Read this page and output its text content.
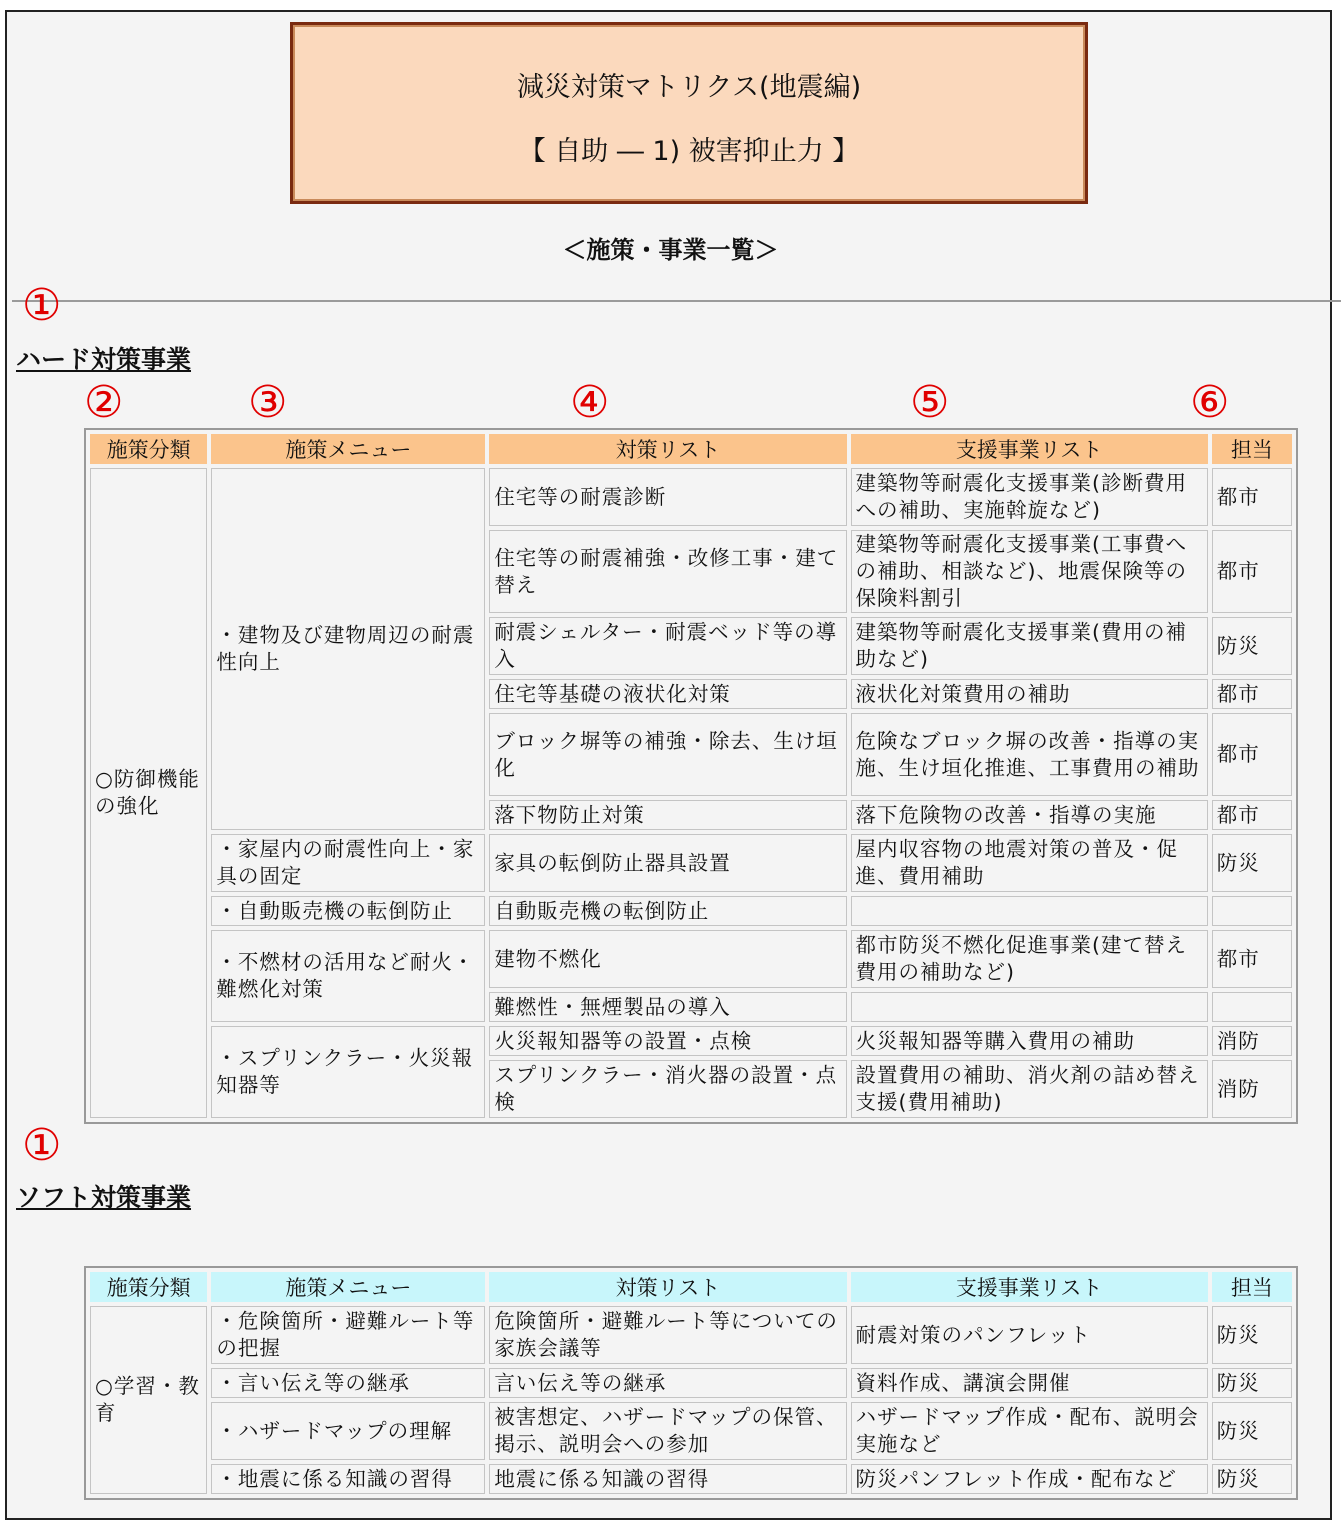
減災対策マトリクス(地震編)
【 自助 ― 1) 被害抑止力 】
＜施策・事業一覧＞
①
ハード対策事業
②	③	④	⑤	⑥
施策分類	施策メニュー	対策リスト	支援事業リスト	担当
○防御機能の強化	・建物及び建物周辺の耐震性向上	住宅等の耐震診断	建築物等耐震化支援事業(診断費用への補助、実施斡旋など)	都市
		住宅等の耐震補強・改修工事・建て替え	建築物等耐震化支援事業(工事費への補助、相談など)、地震保険等の保険料割引	都市
		耐震シェルター・耐震ベッド等の導入	建築物等耐震化支援事業(費用の補助など)	防災
		住宅等基礎の液状化対策	液状化対策費用の補助	都市
		ブロック塀等の補強・除去、生け垣化	危険なブロック塀の改善・指導の実施、生け垣化推進、工事費用の補助	都市
		落下物防止対策	落下危険物の改善・指導の実施	都市
	・家屋内の耐震性向上・家具の固定	家具の転倒防止器具設置	屋内収容物の地震対策の普及・促進、費用補助	防災
	・自動販売機の転倒防止	自動販売機の転倒防止		
	・不燃材の活用など耐火・難燃化対策	建物不燃化	都市防災不燃化促進事業(建て替え費用の補助など)	都市
		難燃性・無煙製品の導入		
	・スプリンクラー・火災報知器等	火災報知器等の設置・点検	火災報知器等購入費用の補助	消防
		スプリンクラー・消火器の設置・点検	設置費用の補助、消火剤の詰め替え支援(費用補助)	消防
①
ソフト対策事業
施策分類	施策メニュー	対策リスト	支援事業リスト	担当
○学習・教育	・危険箇所・避難ルート等の把握	危険箇所・避難ルート等についての家族会議等	耐震対策のパンフレット	防災
	・言い伝え等の継承	言い伝え等の継承	資料作成、講演会開催	防災
	・ハザードマップの理解	被害想定、ハザードマップの保管、掲示、説明会への参加	ハザードマップ作成・配布、説明会実施など	防災
	・地震に係る知識の習得	地震に係る知識の習得	防災パンフレット作成・配布など	防災
